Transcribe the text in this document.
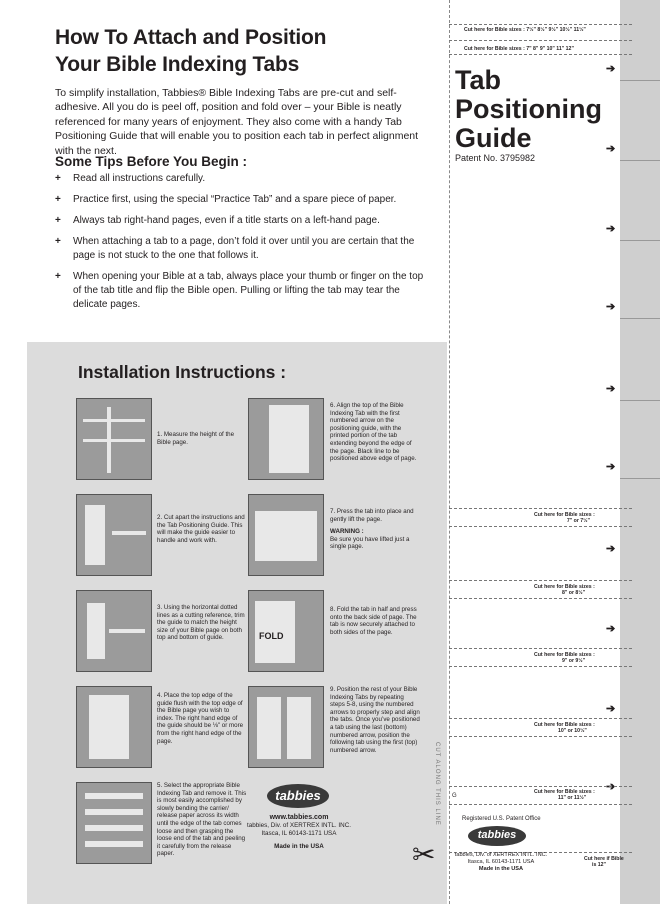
How To Attach and Position
Your Bible Indexing Tabs
To simplify installation, Tabbies® Bible Indexing Tabs are pre-cut and self-adhesive. All you do is peel off, position and fold over – your Bible is neatly referenced for many years of enjoyment. They also come with a handy Tab Positioning Guide that will enable you to position each tab in perfect alignment with the next.
Some Tips Before You Begin :
+ Read all instructions carefully.
+ Practice first, using the special “Practice Tab” and a spare piece of paper.
+ Always tab right-hand pages, even if a title starts on a left-hand page.
+ When attaching a tab to a page, don’t fold it over until you are certain that the page is not stuck to the one that follows it.
+ When opening your Bible at a tab, always place your thumb or finger on the top of the tab title and flip the Bible open. Pulling or lifting the tab may tear the delicate pages.
Installation Instructions :
1. Measure the height of the Bible page.
2. Cut apart the instructions and the Tab Positioning Guide. This will make the guide easier to handle and work with.
3. Using the horizontal dotted lines as a cutting reference, trim the guide to match the height size of your Bible page on both top and bottom of guide.
4. Place the top edge of the guide flush with the top edge of the Bible page you wish to index. The right hand edge of the guide should be ⅛" or more from the right hand edge of the page.
5. Select the appropriate Bible Indexing Tab and remove it. This is most easily accomplished by slowly bending the carrier/ release paper across its width until the edge of the tab comes loose and then grasping the loose end of the tab and peeling it carefully from the release paper.
6. Align the top of the Bible Indexing Tab with the first numbered arrow on the positioning guide, with the printed portion of the tab extending beyond the edge of the page. Black line to be positioned above edge of page.
7. Press the tab into place and gently lift the page.
WARNING :
Be sure you have lifted just a single page.
FOLD
8. Fold the tab in half and press onto the back side of page. The tab is now securely attached to both sides of the page.
9. Position the rest of your Bible Indexing Tabs by repeating steps 5-8, using the numbered arrows to properly step and align the tabs. Once you’ve positioned a tab using the last (bottom) numbered arrow, position the following tab using the first (top) numbered arrow.
tabbies
www.tabbies.com
tabbies, Div. of XERTREX INTL. INC.
Itasca, IL 60143-1171 USA
Made in the USA
Tab
Positioning
Guide
Patent No. 3795982
Cut here for Bible sizes : 7½" 8½" 9½" 10½" 11½"
Cut here for Bible sizes : 7" 8" 9" 10" 11" 12"
➔
➔
➔
➔
➔
➔
➔
➔
➔
➔
Cut here for Bible sizes :
7" or 7½"
Cut here for Bible sizes :
8" or 8½"
Cut here for Bible sizes :
9" or 9½"
Cut here for Bible sizes :
10" or 10½"
Cut here for Bible sizes :
11" or 11½"
Cut here if Bible
is 12"
CUT ALONG THIS LINE G
✂
Registered U.S. Patent Office
tabbies
tabbies, Div. of XERTREX INTL. INC.
Itasca, IL 60143-1171 USA
Made in the USA
